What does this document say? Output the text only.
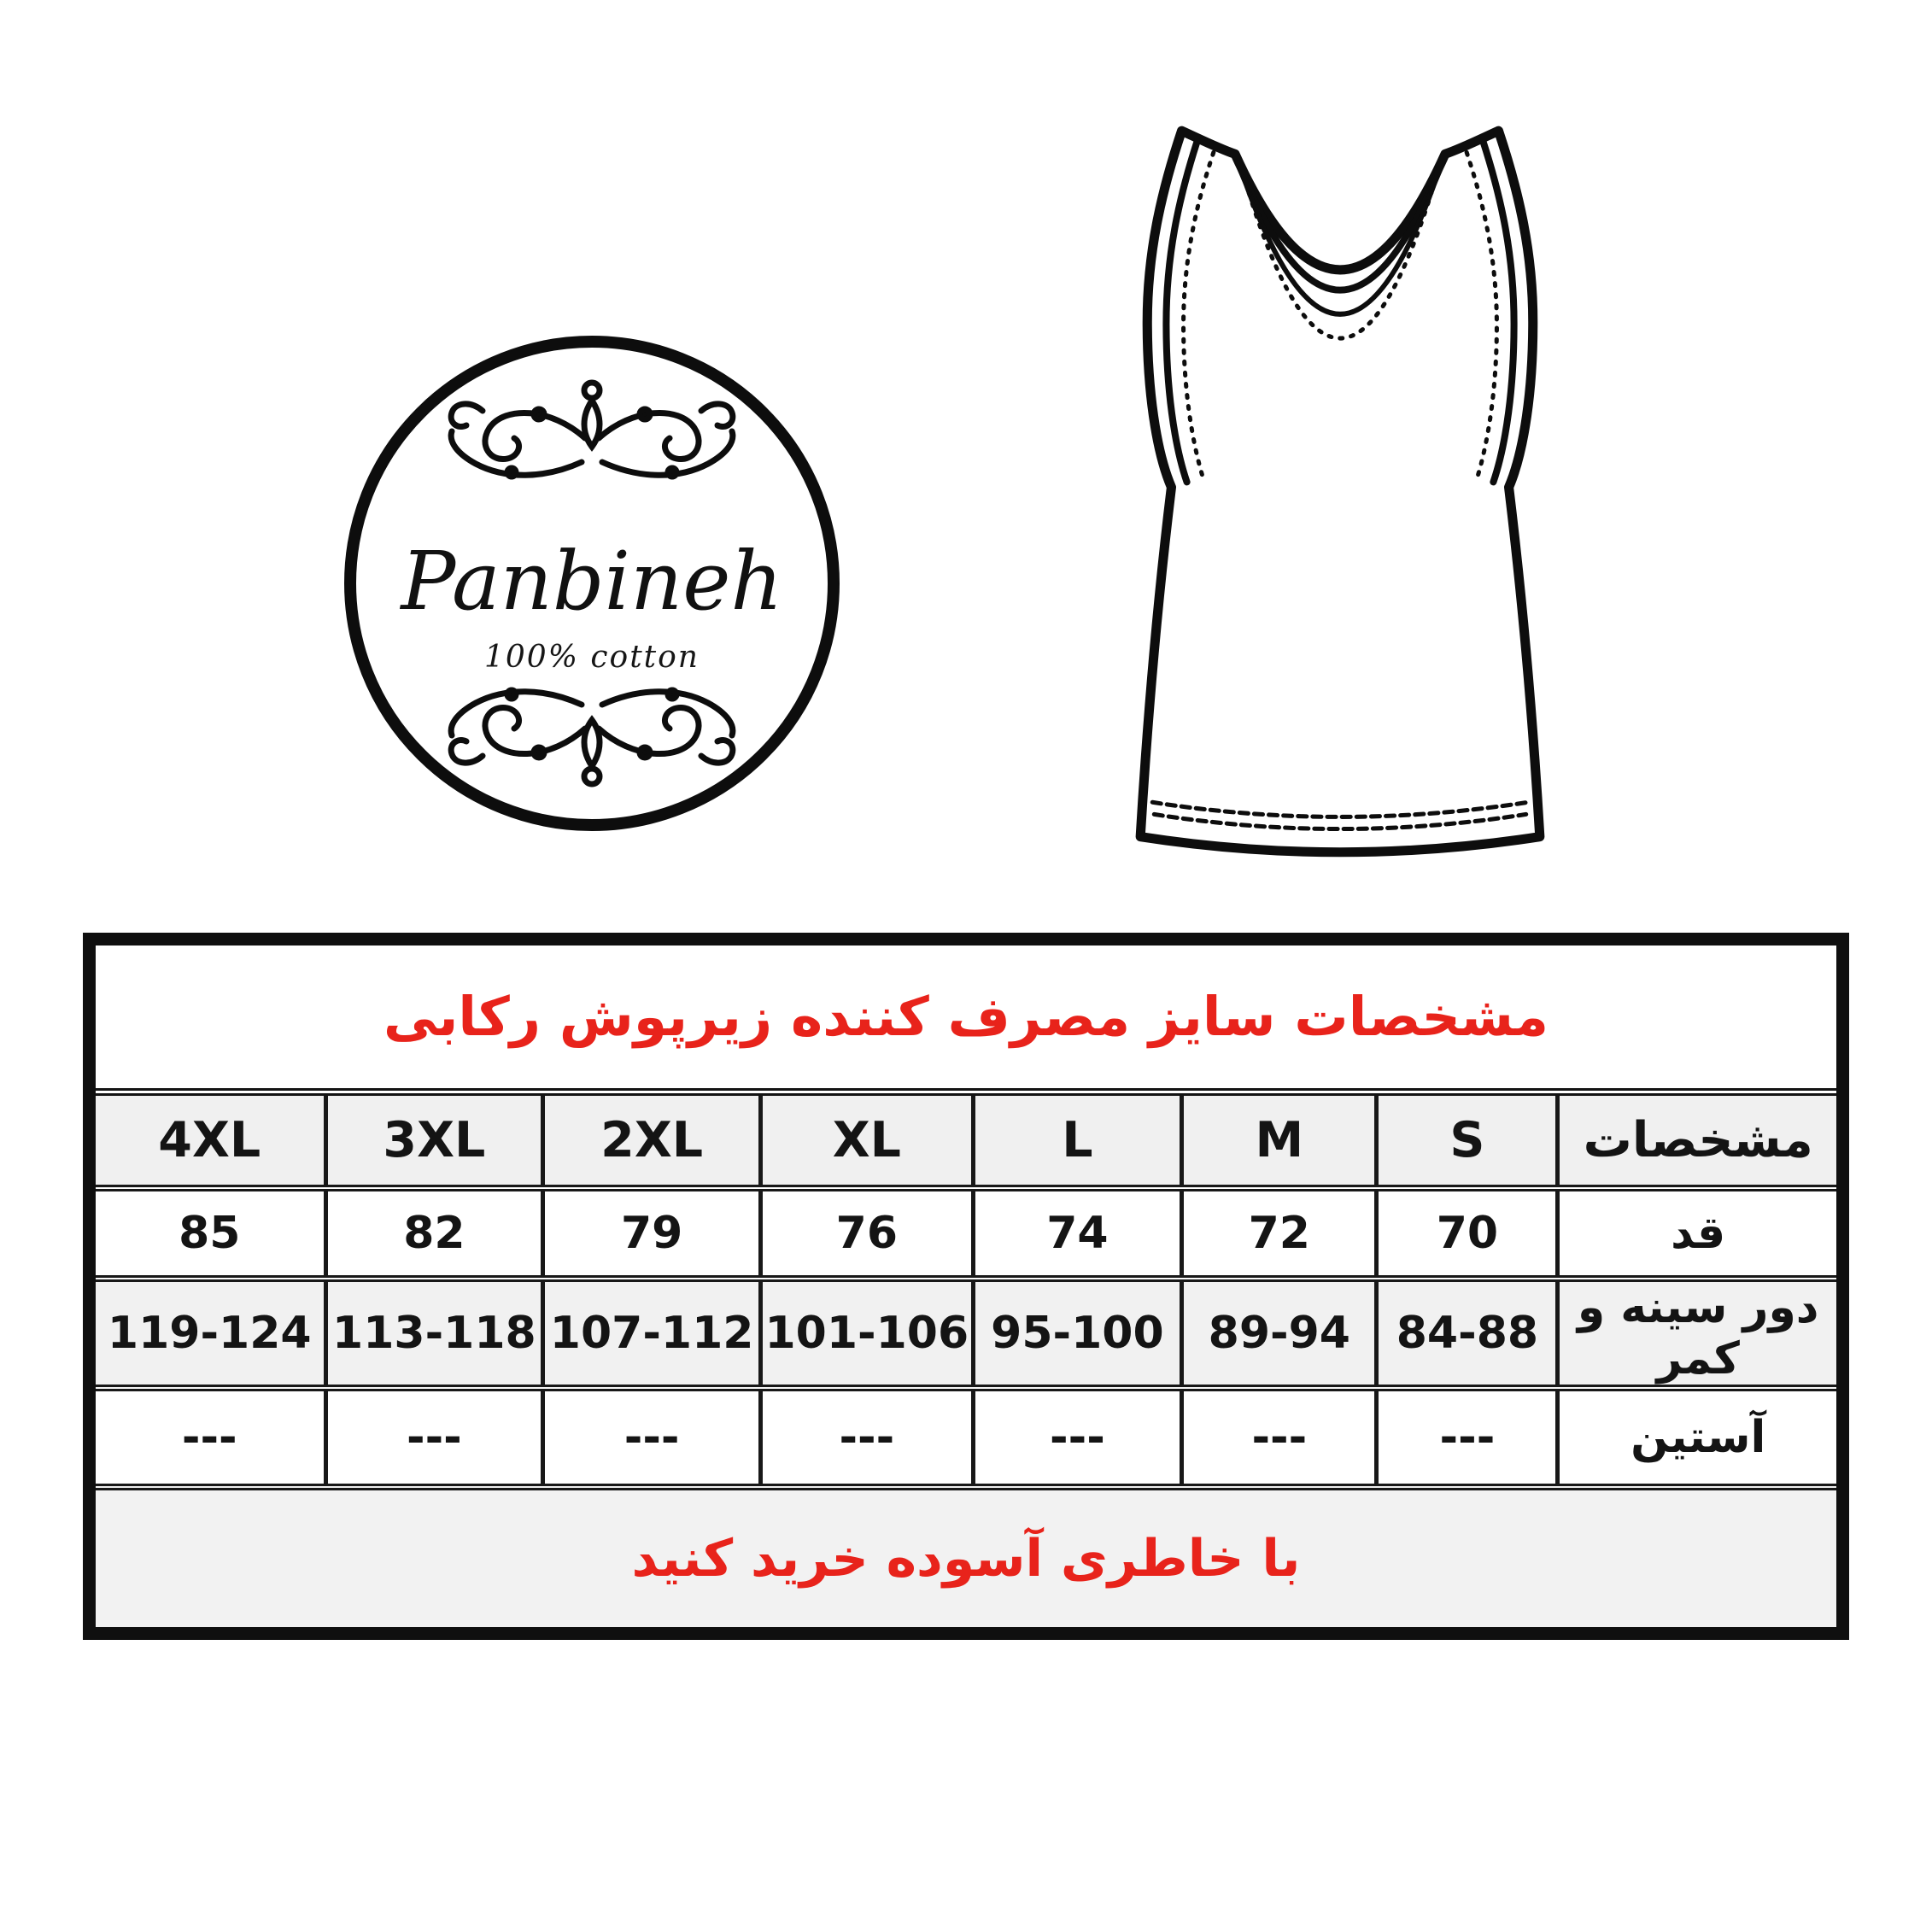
Panbineh
100% cotton
مشخصات سایز مصرف کننده زیرپوش رکابی
4XL	3XL	2XL	XL	L	M	S	مشخصات
85	82	79	76	74	72	70	قد
119-124	113-118	107-112	101-106	95-100	89-94	84-88	دور سینه و کمر
---	---	---	---	---	---	---	آستین
با خاطری آسوده خرید کنید
